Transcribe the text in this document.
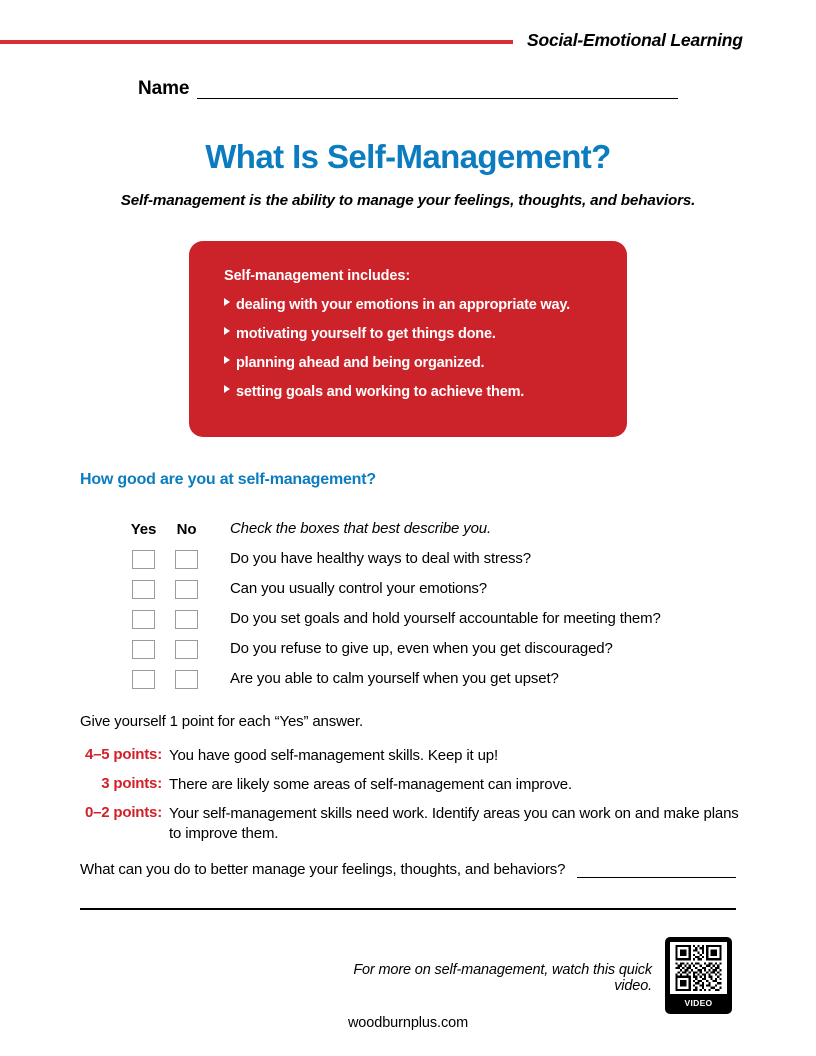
Social-Emotional Learning
Name
What Is Self-Management?
Self-management is the ability to manage your feelings, thoughts, and behaviors.
Self-management includes:
dealing with your emotions in an appropriate way.
motivating yourself to get things done.
planning ahead and being organized.
setting goals and working to achieve them.
How good are you at self-management?
Yes No Check the boxes that best describe you.
Do you have healthy ways to deal with stress?
Can you usually control your emotions?
Do you set goals and hold yourself accountable for meeting them?
Do you refuse to give up, even when you get discouraged?
Are you able to calm yourself when you get upset?
Give yourself 1 point for each “Yes” answer.
4–5 points: You have good self-management skills. Keep it up!
3 points: There are likely some areas of self-management can improve.
0–2 points: Your self-management skills need work. Identify areas you can work on and make plans to improve them.
What can you do to better manage your feelings, thoughts, and behaviors?
For more on self-management, watch this quick video.
VIDEO
woodburnplus.com
